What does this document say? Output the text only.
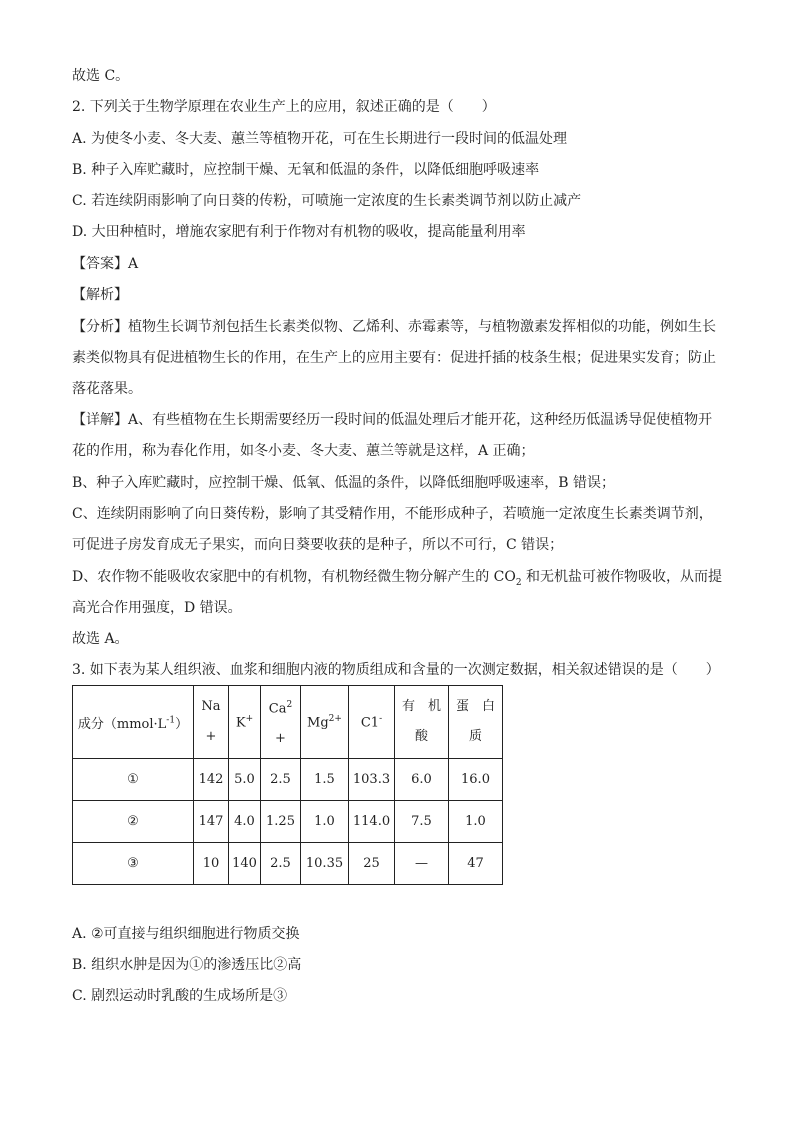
故选 C。
2. 下列关于生物学原理在农业生产上的应用，叙述正确的是（　　）
A. 为使冬小麦、冬大麦、蕙兰等植物开花，可在生长期进行一段时间的低温处理
B. 种子入库贮藏时，应控制干燥、无氧和低温的条件，以降低细胞呼吸速率
C. 若连续阴雨影响了向日葵的传粉，可喷施一定浓度的生长素类调节剂以防止减产
D. 大田种植时，增施农家肥有利于作物对有机物的吸收，提高能量利用率
【答案】A
【解析】
【分析】植物生长调节剂包括生长素类似物、乙烯利、赤霉素等，与植物激素发挥相似的功能，例如生长
素类似物具有促进植物生长的作用，在生产上的应用主要有：促进扦插的枝条生根；促进果实发育；防止
落花落果。
【详解】A、有些植物在生长期需要经历一段时间的低温处理后才能开花，这种经历低温诱导促使植物开
花的作用，称为春化作用，如冬小麦、冬大麦、蕙兰等就是这样，A 正确；
B、种子入库贮藏时，应控制干燥、低氧、低温的条件，以降低细胞呼吸速率，B 错误；
C、连续阴雨影响了向日葵传粉，影响了其受精作用，不能形成种子，若喷施一定浓度生长素类调节剂，
可促进子房发育成无子果实，而向日葵要收获的是种子，所以不可行，C 错误；
D、农作物不能吸收农家肥中的有机物，有机物经微生物分解产生的 $CO_2$ 和无机盐可被作物吸收，从而提
高光合作用强度，D 错误。
故选 A。
3. 如下表为某人组织液、血浆和细胞内液的物质组成和含量的一次测定数据，相关叙述错误的是（　　）
成分$(mmol\cdot L^{-1})$	Na
+	K+	$Ca^2$
+	$Mg^{2+}$	C1-	有　机
酸	蛋　白
质

①	142	5.0	2.5	1.5	103.3	6.0	16.0
②	147	4.0	1.25	1.0	114.0	7.5	1.0
③	10	140	2.5	10.35	25	—	47
A. ②可直接与组织细胞进行物质交换
B. 组织水肿是因为①的渗透压比②高
C. 剧烈运动时乳酸的生成场所是③
